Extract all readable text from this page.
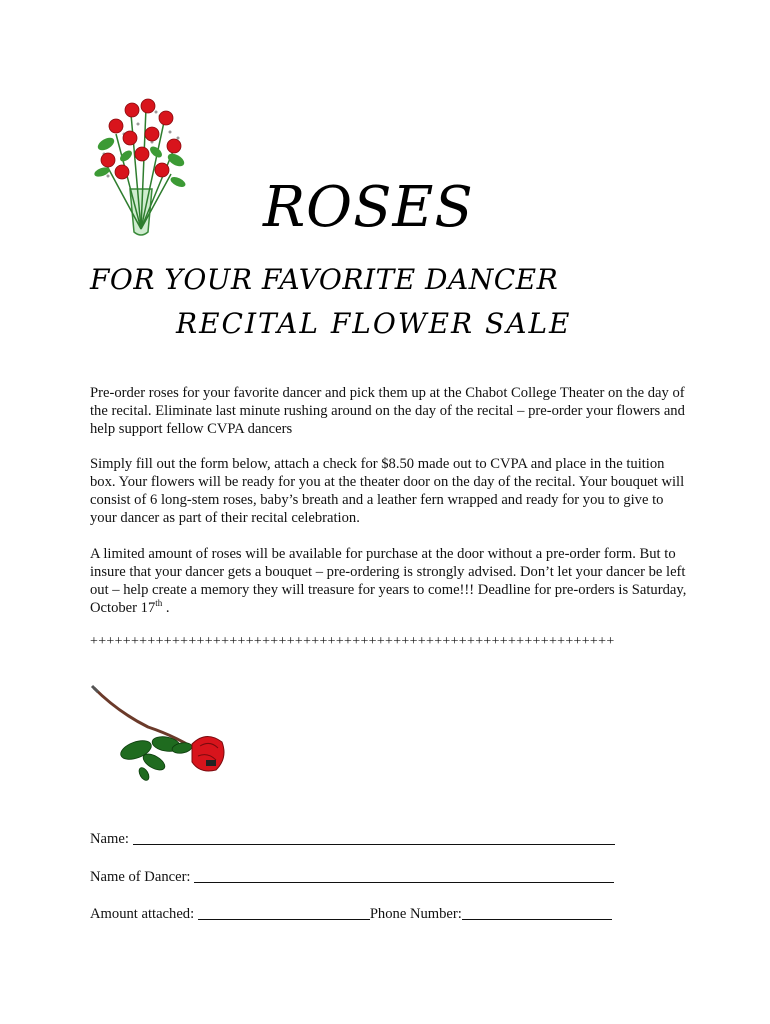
ROSES
FOR YOUR FAVORITE DANCER
RECITAL FLOWER SALE

Pre-order roses for your favorite dancer and pick them up at the Chabot College Theater on the day of the recital. Eliminate last minute rushing around on the day of the recital – pre-order your flowers and help support fellow CVPA dancers

Simply fill out the form below, attach a check for $8.50 made out to CVPA and place in the tuition box. Your flowers will be ready for you at the theater door on the day of the recital. Your bouquet will consist of 6 long-stem roses, baby’s breath and a leather fern wrapped and ready for you to give to your dancer as part of their recital celebration.

A limited amount of roses will be available for purchase at the door without a pre-order form. But to insure that your dancer gets a bouquet – pre-ordering is strongly advised. Don’t let your dancer be left out – help create a memory they will treasure for years to come!!! Deadline for pre-orders is Saturday, October 17th .

++++++++++++++++++++++++++++++++++++++++++++++++++++++++++++++++
Name:
Name of Dancer:
Amount attached:	Phone Number:
